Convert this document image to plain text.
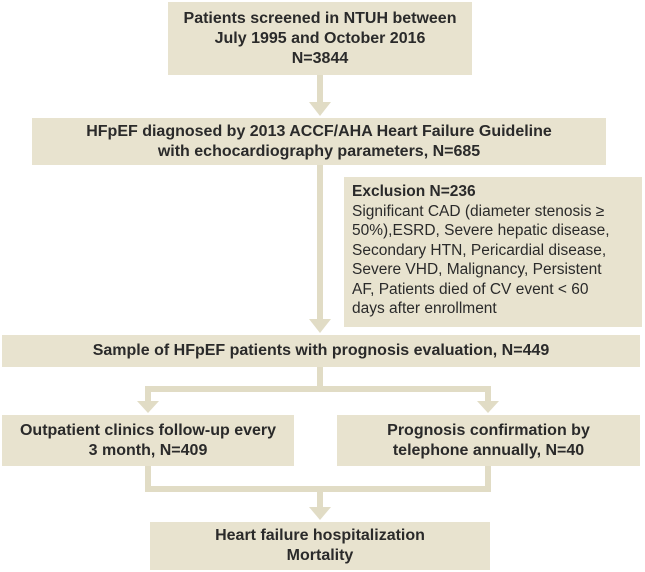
Patients screened in NTUH between
July 1995 and October 2016
N=3844
HFpEF diagnosed by 2013 ACCF/AHA Heart Failure Guideline
with echocardiography parameters, N=685
Exclusion N=236
Significant CAD (diameter stenosis ≥
50%),ESRD, Severe hepatic disease,
Secondary HTN, Pericardial disease,
Severe VHD, Malignancy, Persistent
AF, Patients died of CV event < 60
days after enrollment
Sample of HFpEF patients with prognosis evaluation, N=449
Outpatient clinics follow-up every
3 month, N=409
Prognosis confirmation by
telephone annually, N=40
Heart failure hospitalization
Mortality
